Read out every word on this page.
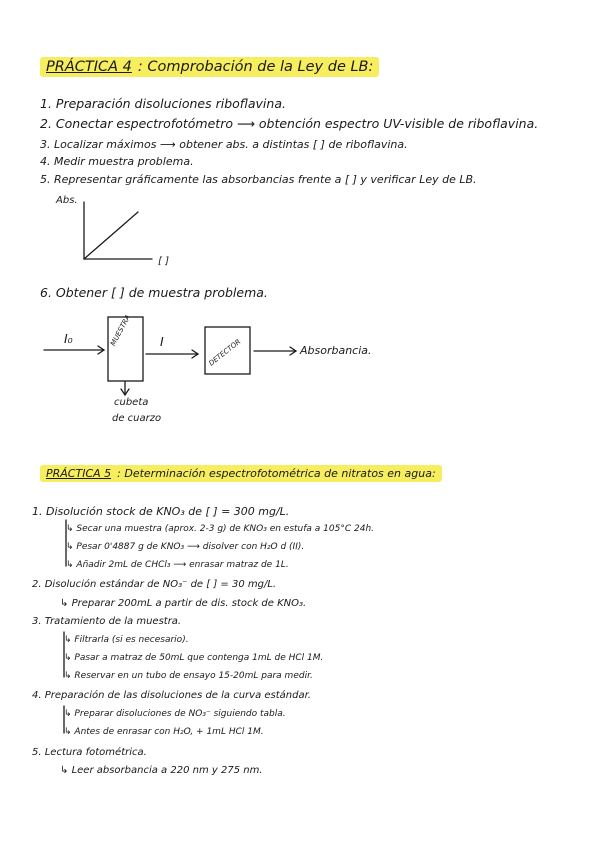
PRÁCTICA 4 : Comprobación de la Ley de LB:
1. Preparación disoluciones riboflavina.
2. Conectar espectrofotómetro ⟶ obtención espectro UV-visible de riboflavina.
3. Localizar máximos ⟶ obtener abs. a distintas [ ] de riboflavina.
4. Medir muestra problema.
5. Representar gráficamente las absorbancias frente a [ ] y verificar Ley de LB.
Abs.
[ ]
6. Obtener [ ] de muestra problema.
I₀	MUESTRA I	DETECTOR	Absorbancia.
cubeta
de cuarzo
PRÁCTICA 5 : Determinación espectrofotométrica de nitratos en agua:
1. Disolución stock de KNO₃ de [ ] = 300 mg/L.
↳ Secar una muestra (aprox. 2-3 g) de KNO₃ en estufa a 105°C 24h.
↳ Pesar 0'4887 g de KNO₃ ⟶ disolver con H₂O d (II).
↳ Añadir 2mL de CHCl₃ ⟶ enrasar matraz de 1L.
2. Disolución estándar de NO₃⁻ de [ ] = 30 mg/L.
↳ Preparar 200mL a partir de dis. stock de KNO₃.
3. Tratamiento de la muestra.
↳ Filtrarla (si es necesario).
↳ Pasar a matraz de 50mL que contenga 1mL de HCl 1M.
↳ Reservar en un tubo de ensayo 15-20mL para medir.
4. Preparación de las disoluciones de la curva estándar.
↳ Preparar disoluciones de NO₃⁻ siguiendo tabla.
↳ Antes de enrasar con H₂O, + 1mL HCl 1M.
5. Lectura fotométrica.
↳ Leer absorbancia a 220 nm y 275 nm.
